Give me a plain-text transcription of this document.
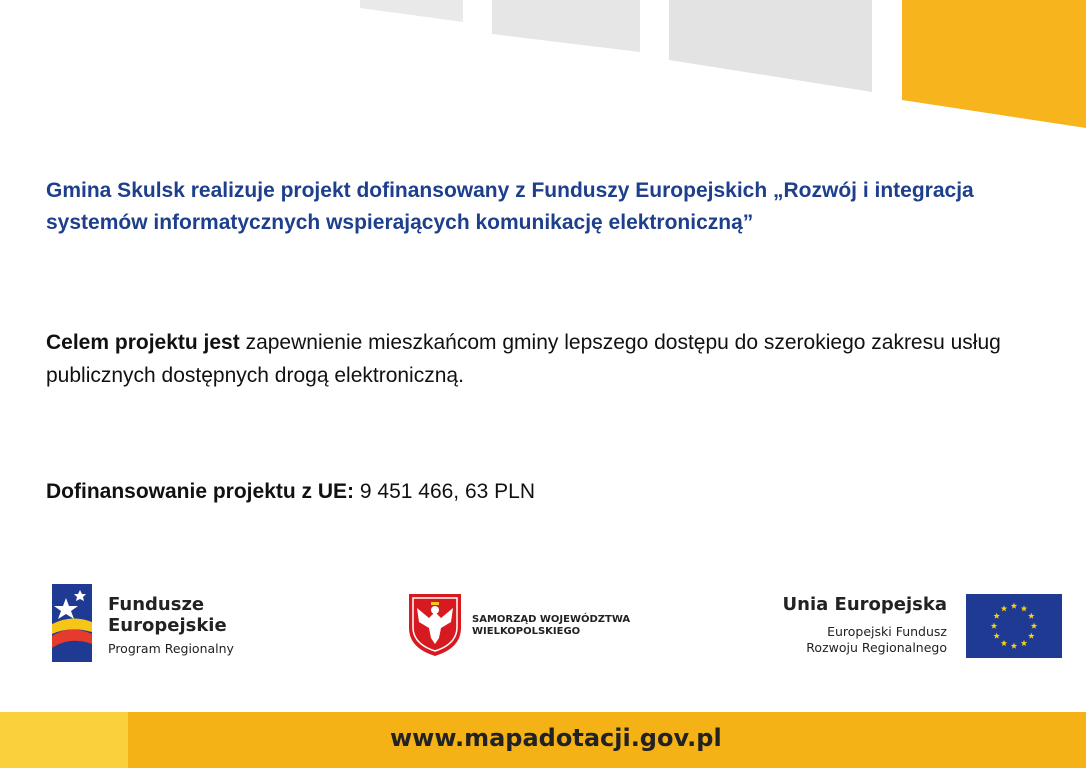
Gmina Skulsk realizuje projekt dofinansowany z Funduszy Europejskich „Rozwój i integracja systemów informatycznych wspierających komunikację elektroniczną”

Celem projektu jest zapewnienie mieszkańcom gminy lepszego dostępu do szerokiego zakresu usług publicznych dostępnych drogą elektroniczną.

Dofinansowanie projektu z UE: 9 451 466, 63 PLN

Fundusze
Europejskie
Program Regionalny
SAMORZĄD WOJEWÓDZTWA
WIELKOPOLSKIEGO
Unia Europejska
Europejski Fundusz
Rozwoju Regionalnego
www.mapadotacji.gov.pl
